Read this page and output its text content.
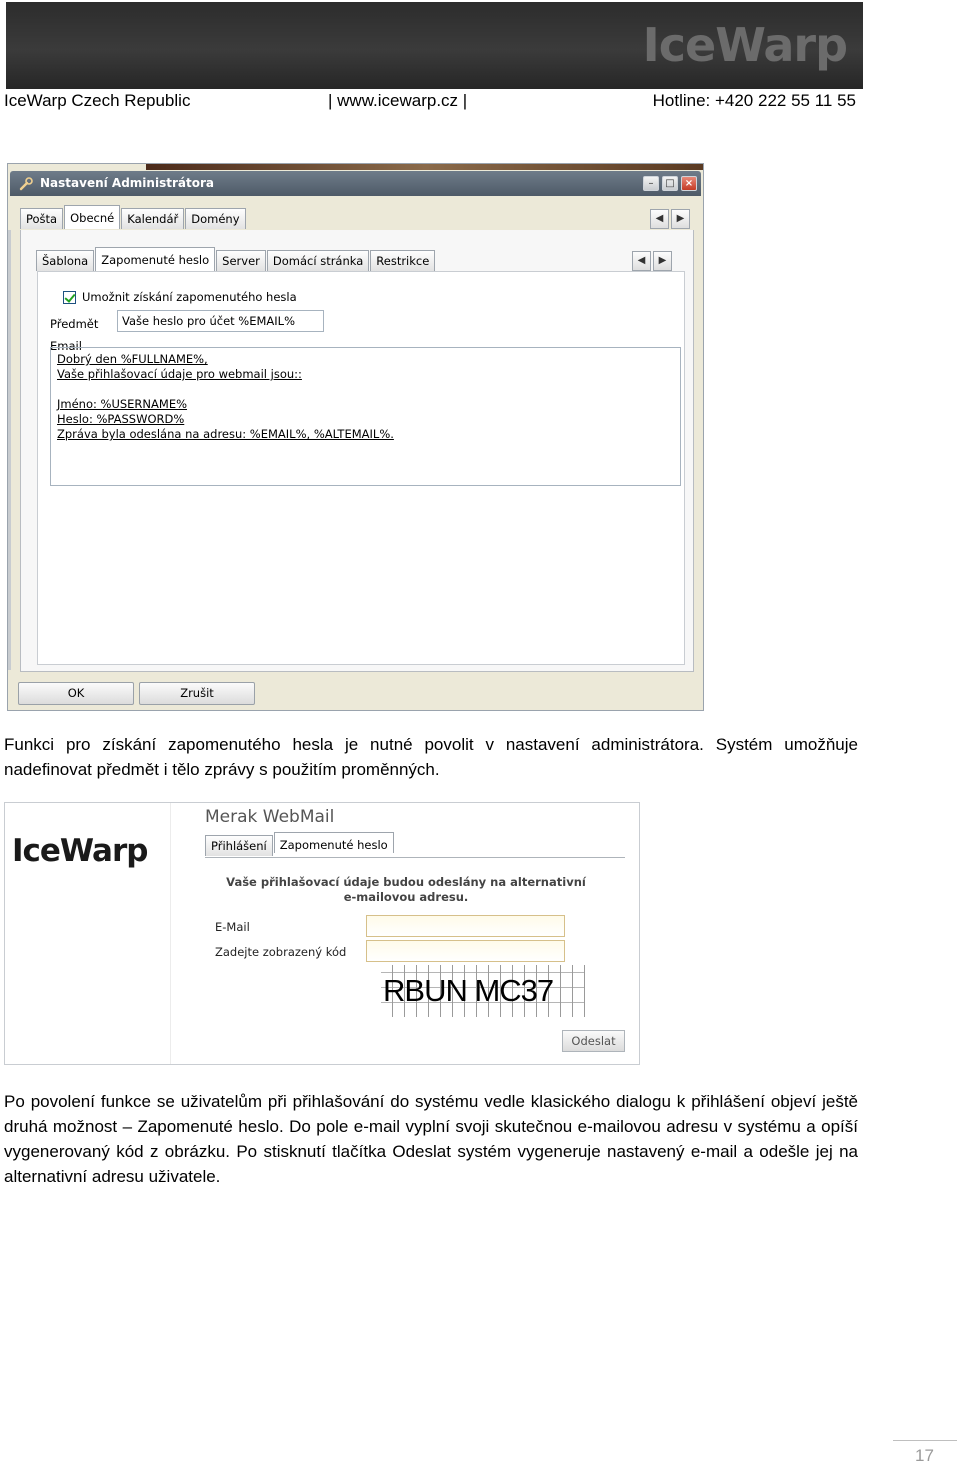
IceWarp
IceWarp Czech Republic	| www.icewarp.cz |	Hotline: +420 222 55 11 55
Nastavení Administrátora	–	□	×
Pošta	Obecné	Kalendář	Domény	◀	▶
Umožnit získání zapomenutého hesla
Předmět	Vaše heslo pro účet %EMAIL%
Email
Dobrý den %FULLNAME%,
Vaše přihlašovací údaje pro webmail jsou::
Jméno: %USERNAME%
Heslo: %PASSWORD%
Zpráva byla odeslána na adresu: %EMAIL%, %ALTEMAIL%.
Šablona	Zapomenuté heslo	Server	Domácí stránka	Restrikce	◀	▶
OK	Zrušit

Funkci pro získání zapomenutého hesla je nutné povolit v nastavení administrátora. Systém umožňuje nadefinovat předmět i tělo zprávy s použitím proměnných.

IceWarp
Merak WebMail
Přihlášení	Zapomenuté heslo
Vaše přihlašovací údaje budou odeslány na alternativní
e-mailovou adresu.
E-Mail
Zadejte zobrazený kód
RBUN MC37
Odeslat

Po povolení funkce se uživatelům při přihlašování do systému vedle klasického dialogu k přihlášení objeví ještě druhá možnost – Zapomenuté heslo. Do pole e-mail vyplní svoji skutečnou e-mailovou adresu v systému a opíší vygenerovaný kód z obrázku. Po stisknutí tlačítka Odeslat systém vygeneruje nastavený e-mail a odešle jej na alternativní adresu uživatele.

17
